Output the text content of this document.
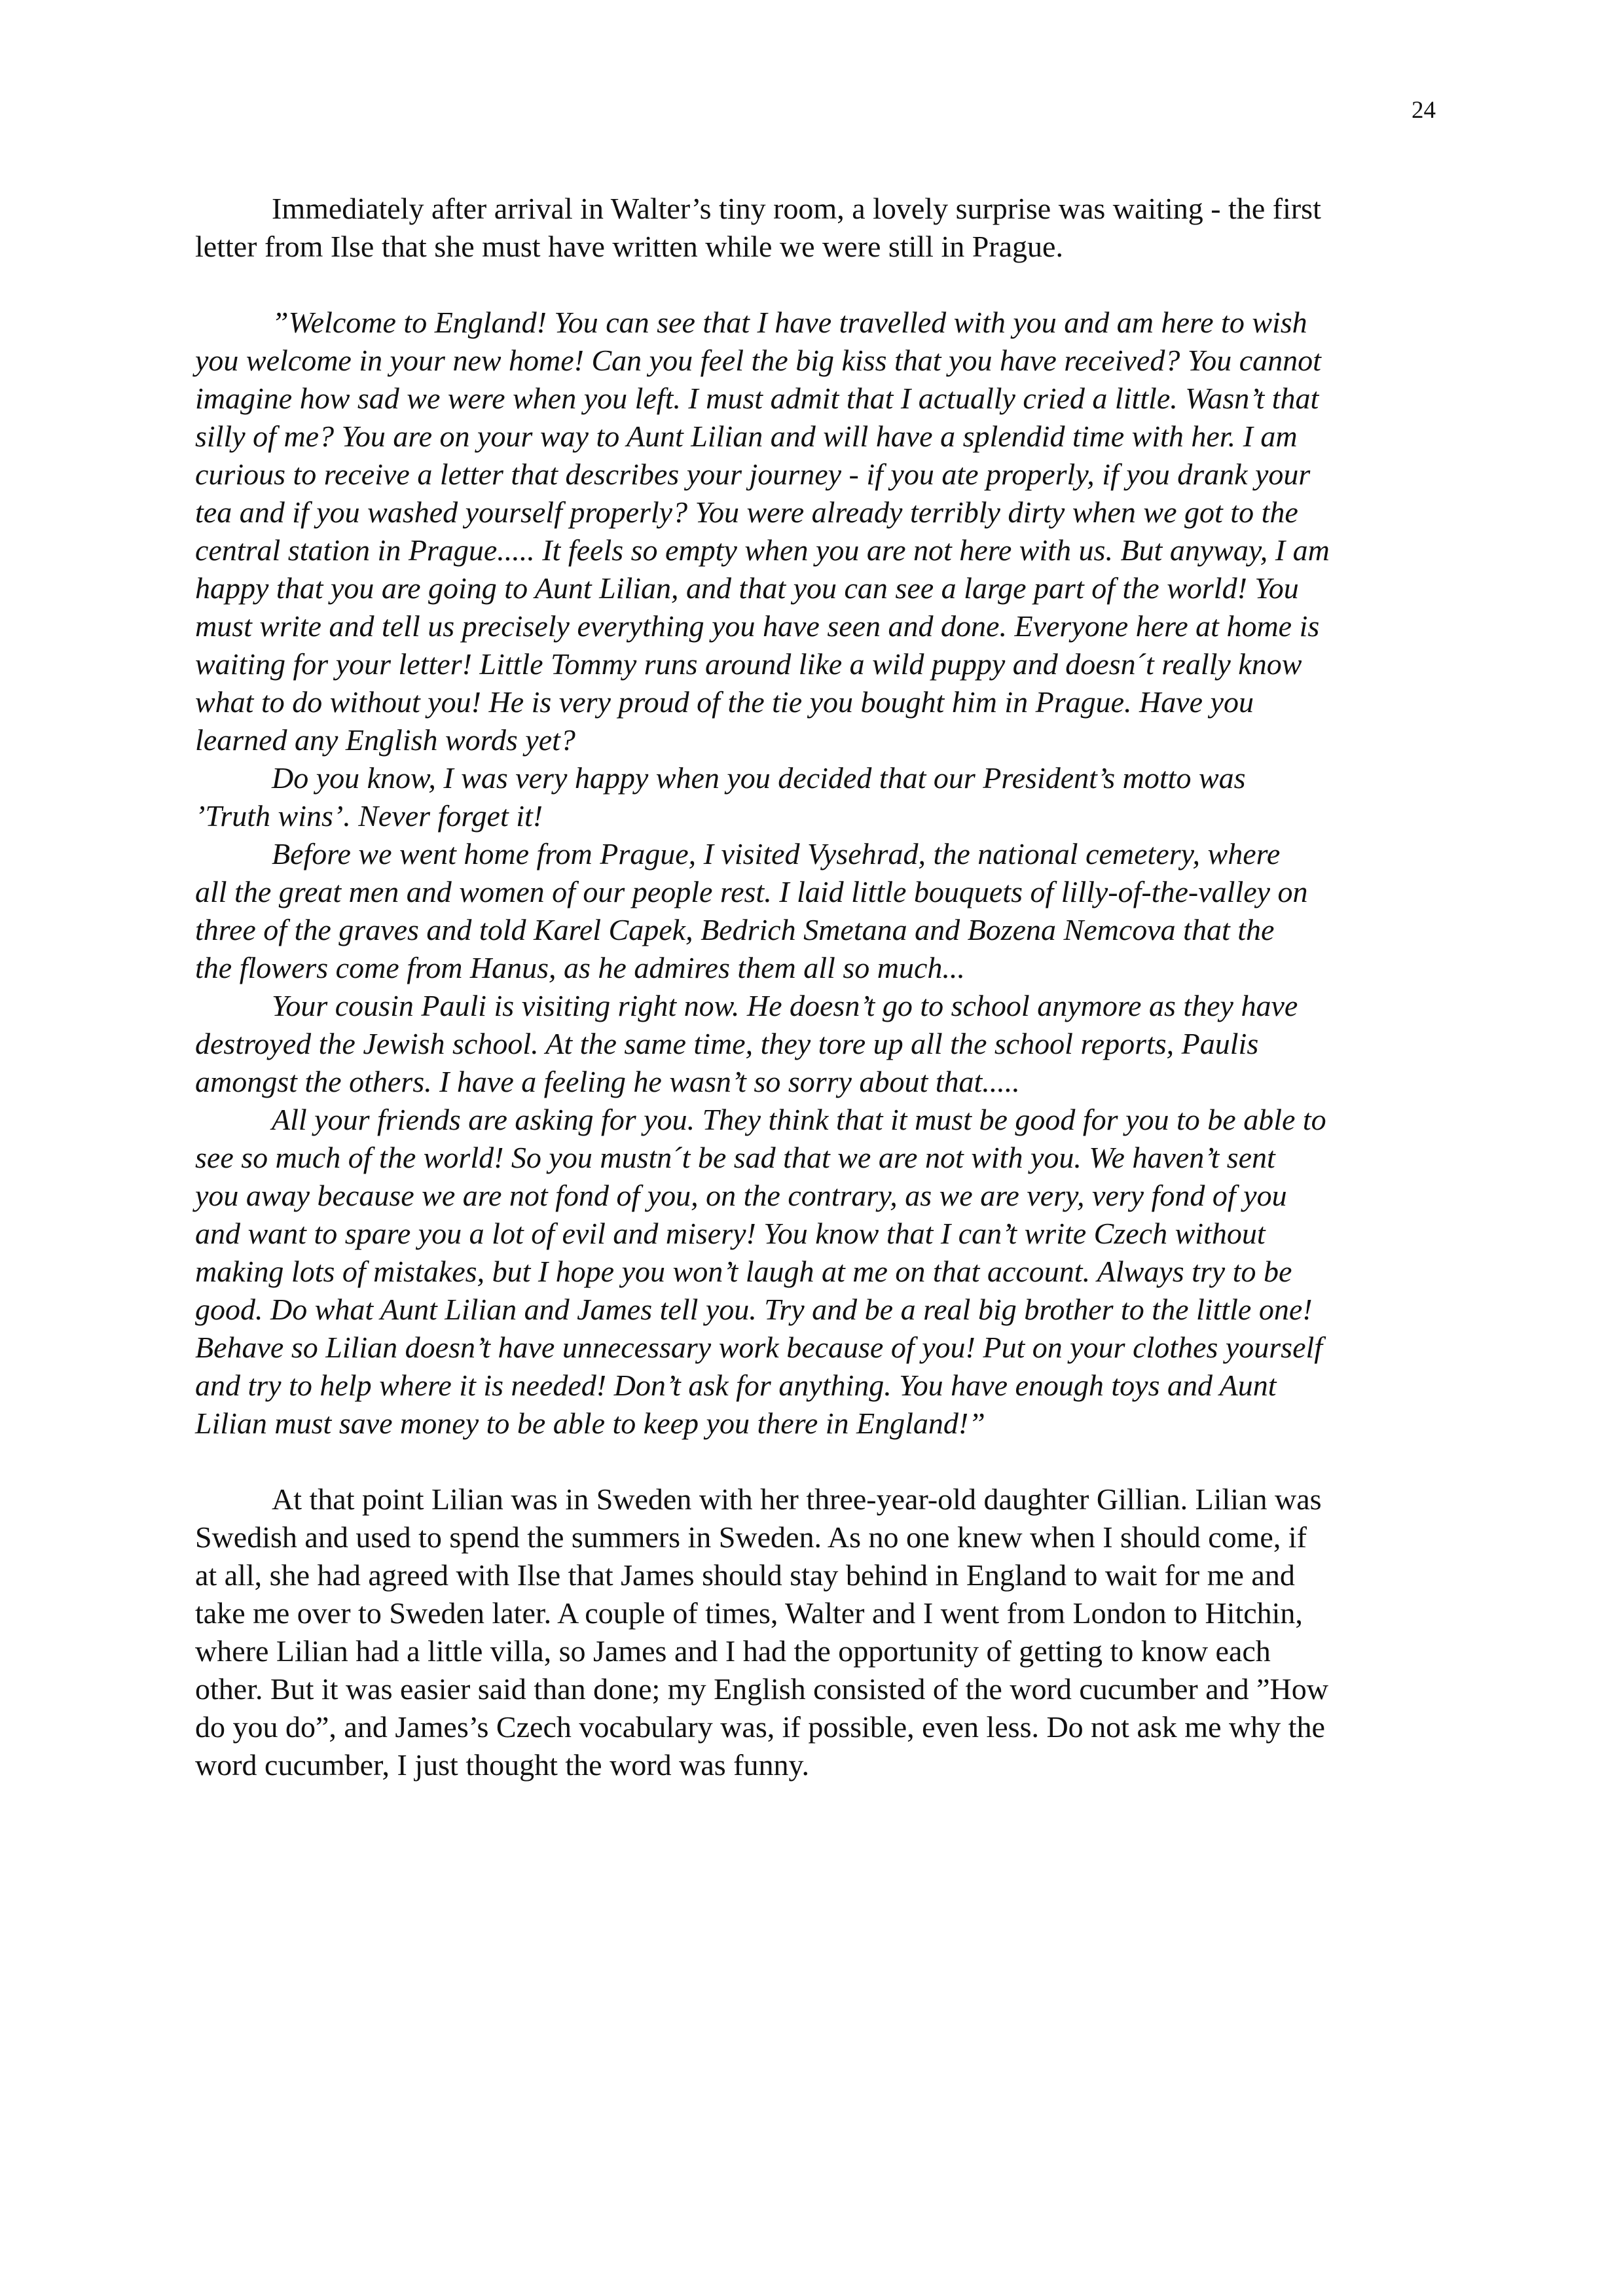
24
Immediately after arrival in Walter’s tiny room, a lovely surprise was waiting - the first
letter from Ilse that she must have written while we were still in Prague.
”Welcome to England! You can see that I have travelled with you and am here to wish
you welcome in your new home! Can you feel the big kiss that you have received? You cannot
imagine how sad we were when you left. I must admit that I actually cried a little. Wasn’t that
silly of me? You are on your way to Aunt Lilian and will have a splendid time with her. I am
curious to receive a letter that describes your journey - if you ate properly, if you drank your
tea and if you washed yourself properly? You were already terribly dirty when we got to the
central station in Prague..... It feels so empty when you are not here with us. But anyway, I am
happy that you are going to Aunt Lilian, and that you can see a large part of the world! You
must write and tell us precisely everything you have seen and done. Everyone here at home is
waiting for your letter! Little Tommy runs around like a wild puppy and doesn´t really know
what to do without you! He is very proud of the tie you bought him in Prague. Have you
learned any English words yet?
Do you know, I was very happy when you decided that our President’s motto was
’Truth wins’. Never forget it!
Before we went home from Prague, I visited Vysehrad, the national cemetery, where
all the great men and women of our people rest. I laid little bouquets of lilly-of-the-valley on
three of the graves and told Karel Capek, Bedrich Smetana and Bozena Nemcova that the
the flowers come from Hanus, as he admires them all so much...
Your cousin Pauli is visiting right now. He doesn’t go to school anymore as they have
destroyed the Jewish school. At the same time, they tore up all the school reports, Paulis
amongst the others. I have a feeling he wasn’t so sorry about that.....
All your friends are asking for you. They think that it must be good for you to be able to
see so much of the world! So you mustn´t be sad that we are not with you. We haven’t sent
you away because we are not fond of you, on the contrary, as we are very, very fond of you
and want to spare you a lot of evil and misery! You know that I can’t write Czech without
making lots of mistakes, but I hope you won’t laugh at me on that account. Always try to be
good. Do what Aunt Lilian and James tell you. Try and be a real big brother to the little one!
Behave so Lilian doesn’t have unnecessary work because of you! Put on your clothes yourself
and try to help where it is needed! Don’t ask for anything. You have enough toys and Aunt
Lilian must save money to be able to keep you there in England!”
At that point Lilian was in Sweden with her three-year-old daughter Gillian. Lilian was
Swedish and used to spend the summers in Sweden. As no one knew when I should come, if
at all, she had agreed with Ilse that James should stay behind in England to wait for me and
take me over to Sweden later. A couple of times, Walter and I went from London to Hitchin,
where Lilian had a little villa, so James and I had the opportunity of getting to know each
other. But it was easier said than done; my English consisted of the word cucumber and ”How
do you do”, and James’s Czech vocabulary was, if possible, even less. Do not ask me why the
word cucumber, I just thought the word was funny.
